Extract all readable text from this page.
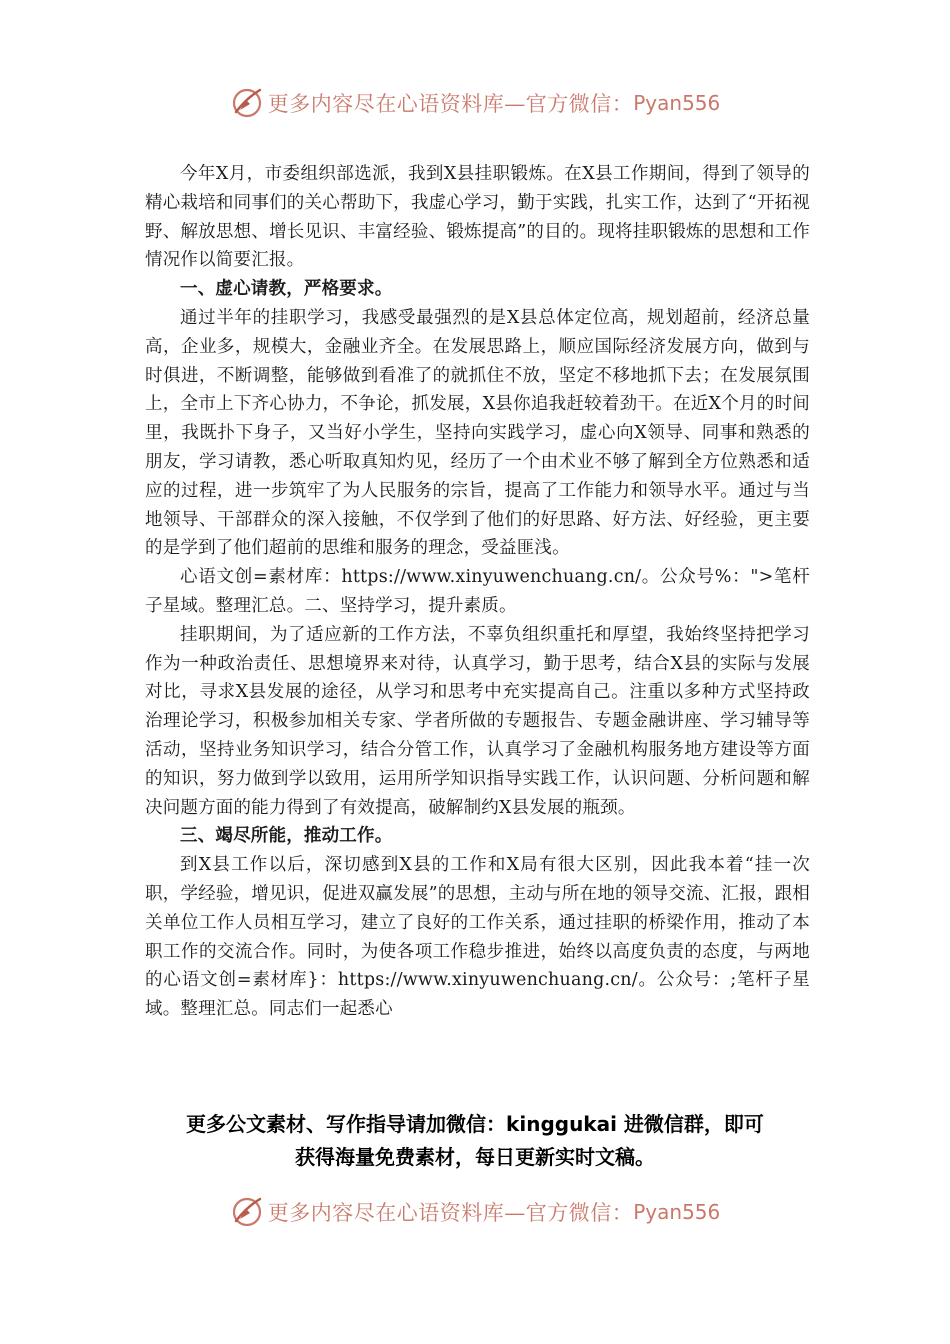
更多内容尽在心语资料库—官方微信： Pyan556

今年X月，市委组织部选派，我到X县挂职锻炼。在X县工作期间，得到了领导的精心栽培和同事们的关心帮助下，我虚心学习，勤于实践，扎实工作，达到了“开拓视野、解放思想、增长见识、丰富经验、锻炼提高”的目的。现将挂职锻炼的思想和工作情况作以简要汇报。

一、虚心请教，严格要求。

通过半年的挂职学习，我感受最强烈的是X县总体定位高，规划超前，经济总量高，企业多，规模大，金融业齐全。在发展思路上，顺应国际经济发展方向，做到与时俱进，不断调整，能够做到看准了的就抓住不放，坚定不移地抓下去；在发展氛围上，全市上下齐心协力，不争论，抓发展，X县你追我赶较着劲干。在近X个月的时间里，我既扑下身子，又当好小学生，坚持向实践学习，虚心向X领导、同事和熟悉的朋友，学习请教，悉心听取真知灼见，经历了一个由术业不够了解到全方位熟悉和适应的过程，进一步筑牢了为人民服务的宗旨，提高了工作能力和领导水平。通过与当地领导、干部群众的深入接触，不仅学到了他们的好思路、好方法、好经验，更主要的是学到了他们超前的思维和服务的理念，受益匪浅。

心语文创=素材库：https://www.xinyuwenchuang.cn/。公众号%：">笔杆子星域。整理汇总。二、坚持学习，提升素质。

挂职期间，为了适应新的工作方法，不辜负组织重托和厚望，我始终坚持把学习作为一种政治责任、思想境界来对待，认真学习，勤于思考，结合X县的实际与发展对比，寻求X县发展的途径，从学习和思考中充实提高自己。注重以多种方式坚持政治理论学习，积极参加相关专家、学者所做的专题报告、专题金融讲座、学习辅导等活动，坚持业务知识学习，结合分管工作，认真学习了金融机构服务地方建设等方面的知识，努力做到学以致用，运用所学知识指导实践工作，认识问题、分析问题和解决问题方面的能力得到了有效提高，破解制约X县发展的瓶颈。

三、竭尽所能，推动工作。

到X县工作以后，深切感到X县的工作和X局有很大区别，因此我本着“挂一次职，学经验，增见识，促进双赢发展”的思想，主动与所在地的领导交流、汇报，跟相关单位工作人员相互学习，建立了良好的工作关系，通过挂职的桥梁作用，推动了本职工作的交流合作。同时，为使各项工作稳步推进，始终以高度负责的态度，与两地的心语文创=素材库}：https://www.xinyuwenchuang.cn/。公众号：;笔杆子星域。整理汇总。同志们一起悉心

更多公文素材、写作指导请加微信：kinggukai 进微信群，即可
获得海量免费素材，每日更新实时文稿。
更多内容尽在心语资料库—官方微信： Pyan556
